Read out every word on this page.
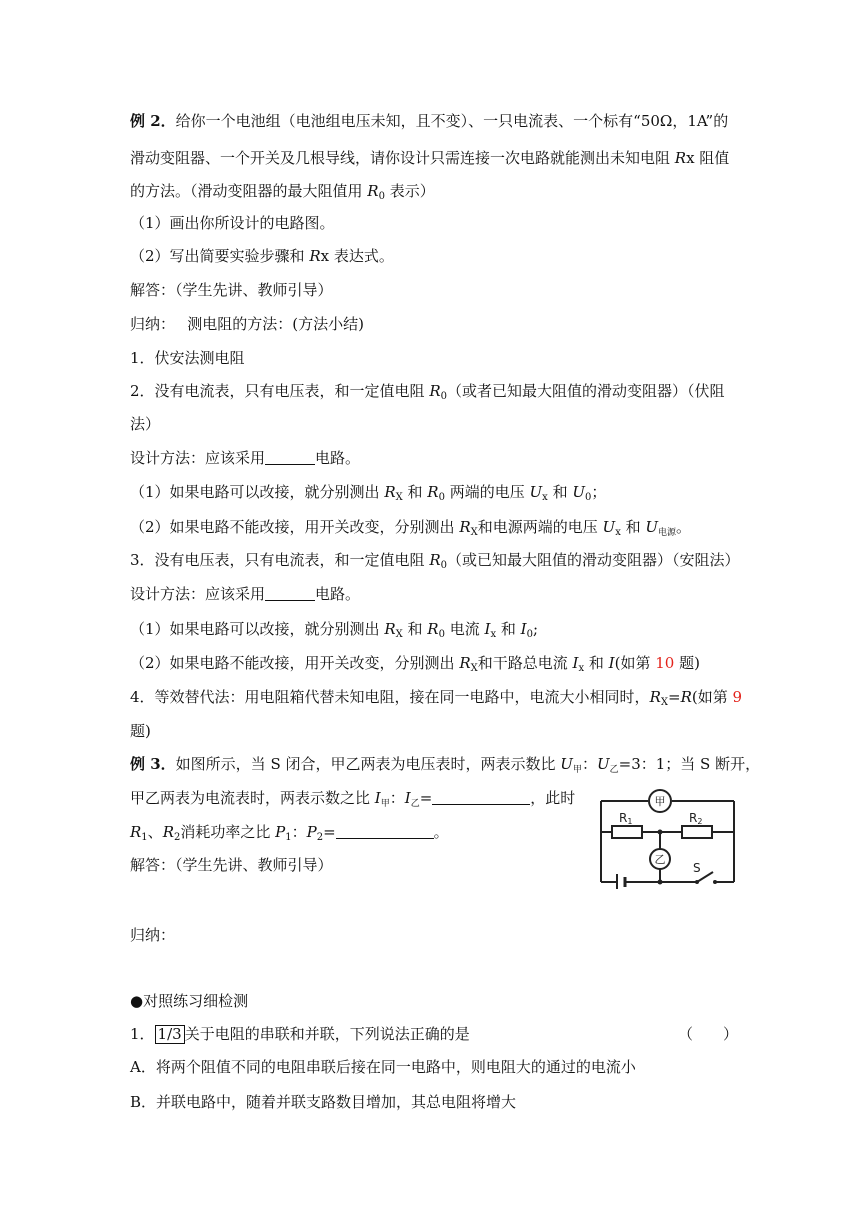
例 2．给你一个电池组（电池组电压未知，且不变）、一只电流表、一个标有“50Ω，1A”的
滑动变阻器、一个开关及几根导线，请你设计只需连接一次电路就能测出未知电阻 Rx 阻值
的方法。（滑动变阻器的最大阻值用 $R_0$ 表示）
（1）画出你所设计的电路图。
（2）写出简要实验步骤和 Rx 表达式。
解答：（学生先讲、教师引导）
归纳：　 测电阻的方法：(方法小结)
1．伏安法测电阻
2．没有电流表，只有电压表，和一定值电阻 $R_0$（或者已知最大阻值的滑动变阻器）（伏阻
法）
设计方法：应该采用	电路。
（1）如果电路可以改接，就分别测出 $R_X$ 和 $R_0$ 两端的电压 $U_x$ 和 $U_0$；
（2）如果电路不能改接，用开关改变，分别测出 $R_X$和电源两端的电压 $U_x$ 和 $U_{电源}$。
3．没有电压表，只有电流表，和一定值电阻 $R_0$（或已知最大阻值的滑动变阻器）（安阻法）
设计方法：应该采用	电路。
（1）如果电路可以改接，就分别测出 $R_X$ 和 $R_0$ 电流 $I_x$ 和 $I_0$;
（2）如果电路不能改接，用开关改变，分别测出 $R_X$和干路总电流 $I_x$ 和 I(如第 10 题)
4．等效替代法：用电阻箱代替未知电阻，接在同一电路中，电流大小相同时，$R_X=R$(如第 9
题)
例 3．如图所示，当 S 闭合，甲乙两表为电压表时，两表示数比 $U_甲$：$U_乙=3$：1；当 S 断开，
甲乙两表为电流表时，两表示数之比 $I_甲$：$I_乙=$	，此时
$R_1$、$R_2$消耗功率之比 $P_1$：$P_2=$	。
解答：（学生先讲、教师引导）
归纳：
甲
乙
R1	R2
S
●对照练习细检测
1． 1/3 关于电阻的串联和并联，下列说法正确的是	（　　）
A．将两个阻值不同的电阻串联后接在同一电路中，则电阻大的通过的电流小
B．并联电路中，随着并联支路数目增加，其总电阻将增大
